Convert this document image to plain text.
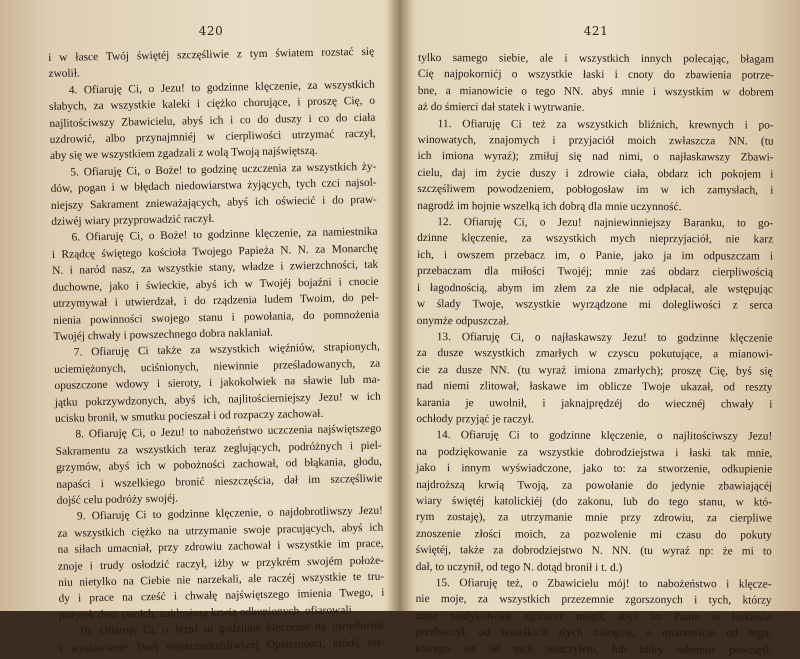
420
i w łasce Twój świętéj szczęśliwie z tym światem rozstać się
zwolił.
4. Ofiaruję Ci, o Jezu! to godzinne klęczenie, za wszystkich
słabych, za wszystkie kaleki i ciężko chorujące, i proszę Cię, o
najlitościwszy Zbawicielu, abyś ich i co do duszy i co do ciała
uzdrowić, albo przynajmniéj w cierpliwości utrzymać raczył,
aby się we wszystkiem zgadzali z wolą Twoją najświętszą.
5. Ofiaruję Ci, o Boże! to godzinę uczczenia za wszystkich ży-
dów, pogan i w błędach niedowiarstwa żyjących, tych czci najsol-
niejszy Sakrament znieważających, abyś ich oświecić i do praw-
dziwéj wiary przyprowadzić raczył.
6. Ofiaruję Ci, o Boże! to godzinne klęczenie, za namiestnika
i Rządcę świętego kościoła Twojego Papieża N. N. za Monarchę
N. i naród nasz, za wszystkie stany, władze i zwierzchności, tak
duchowne, jako i świeckie, abyś ich w Twojéj bojaźni i cnocie
utrzymywał i utwierdzał, i do rządzenia ludem Twoim, do peł-
nienia powinności swojego stanu i powołania, do pomnożenia
Twojéj chwały i powszechnego dobra naklaniał.
7. Ofiaruję Ci także za wszystkich więźniów, strapionych,
uciemiężonych, uciśnionych, niewinnie prześladowanych, za
opuszczone wdowy i sieroty, i jakokolwiek na sławie lub ma-
jątku pokrzywdzonych, abyś ich, najlitościerniejszy Jezu! w ich
ucisku bronił, w smutku pocieszał i od rozpaczy zachował.
8. Ofiaruję Ci, o Jezu! to nabożeństwo uczczenia najświętszego
Sakramentu za wszystkich teraz zeglujących, podróżnych i piel-
grzymów, abyś ich w pobożności zachował, od błąkania, głodu,
napaści i wszelkiego bronić nieszczęścia, dał im szczęśliwie
dojść celu podróży swojéj.
9. Ofiaruję Ci to godzinne klęczenie, o najdobrotliwszy Jezu!
za wszystkich ciężko na utrzymanie swoje pracujących, abyś ich
na siłach umacniał, przy zdrowiu zachował i wszystkie im prace,
znoje i trudy osłodzić raczył, iżby w przykrém swojém położe-
niu nietylko na Ciebie nie narzekali, ale raczéj wszystkie te tru-
dy i prace na cześć i chwałę najświętszego imienia Twego, i
pożytek dusz swoich, najdroższą krwią odkupionych, ofiarowali.
10. Ofiaruję Ci, o Jezu! to godzinne klęczenie na uwielbienie
i wysławienie Twéj najszczodrobliwszéj Opatrzności, któréj nie-
421
tylko samego siebie, ale i wszystkich innych polecając, błagam
Cię najpokornićj o wszystkie łaski i cnoty do zbawienia potrze-
bne, a mianowicie o tego NN. abyś mnie i wszystkim w dobrem
aż do śmierci dał statek i wytrwanie.
11. Ofiaruję Ci też za wszystkich bliźnich, krewnych i po-
winowatych, znajomych i przyjaciół moich zwłaszcza NN. (tu
ich imiona wyraź); zmiłuj się nad nimi, o najłaskawszy Zbawi-
cielu, daj im życie duszy i zdrowie ciała, obdarz ich pokojem i
szczęśliwem powodzeniem, pobłogosław im w ich zamysłach, i
nagrodź im hojnie wszelką ich dobrą dla mnie uczynność.
12. Ofiaruję Ci, o Jezu! najniewinniejszy Baranku, to go-
dzinne klęczenie, za wszystkich mych nieprzyjaciół, nie karz
ich, i owszem przebacz im, o Panie, jako ja im odpuszczam i
przebaczam dla miłości Twojéj; mnie zaś obdarz cierpliwością
i łagodnością, abym im złem za złe nie odpłacał, ale wstępując
w ślady Twoje, wszystkie wyrządzone mi dolegliwości z serca
onymże odpuszczał.
13. Ofiaruję Ci, o najłaskawszy Jezu! to godzinne klęczenie
za dusze wszystkich zmarłych w czyscu pokutujące, a mianowi-
cie za dusze NN. (tu wyraź imiona zmarłych); proszę Cię, byś się
nad niemi zlitował, łaskawe im oblicze Twoje ukazał, od reszty
karania je uwolnił, i jaknajprędzéj do wiecznéj chwały i
ochłody przyjąć je raczył.
14. Ofiaruję Ci to godzinne klęczenie, o najlitościwszy Jezu!
na podziękowanie za wszystkie dobrodziejstwa i łaski tak mnie,
jako i innym wyświadczone, jako to: za stworzenie, odkupienie
najdroższą krwią Twoją, za powołanie do jedynie zbawiającéj
wiary świętéj katolickiéj (do zakonu, lub do tego stanu, w któ-
rym zostaję), za utrzymanie mnie przy zdrowiu, za cierpliwe
znoszenie złości moich, za pozwolenie mi czasu do pokuty
świętéj, także za dobrodziejstwo N. NN. (tu wyraź np: że mi to
dał, to uczynił, od tego N. dotąd bronił i t. d.)
15. Ofiaruję też, o Zbawicielu mój! to nabożeństwo i klęcze-
nie moje, za wszystkich przezemnie zgorszonych i tych, którzy
mnie niedykolwiek zgorszyć mogli, abyś im Panie to łaskawie
przebaczył, od wszelkich złych nałogów, a mianowicie od tego,
którego się od nich nauczyłem, lub który odemnie powziętl,
